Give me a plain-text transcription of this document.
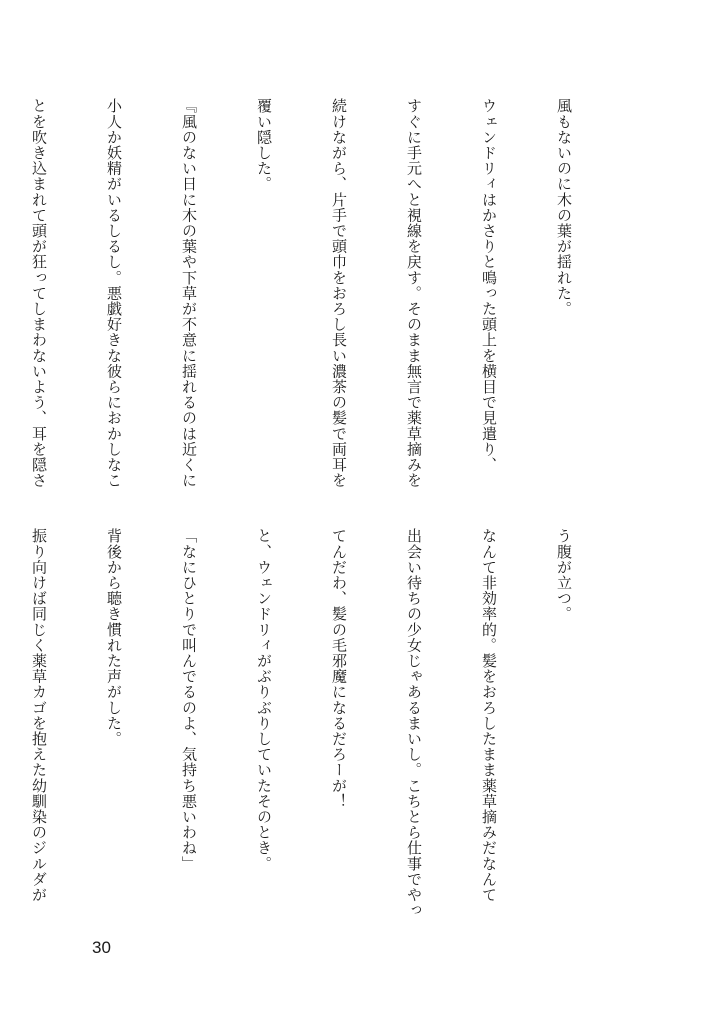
風もないのに木の葉が揺れた。

ウェンドリィはかさりと鳴った頭上を横目で見遣り、

すぐに手元へと視線を戻す。そのまま無言で薬草摘みを

続けながら、片手で頭巾をおろし長い濃茶の髪で両耳を

覆い隠した。

『風のない日に木の葉や下草が不意に揺れるのは近くに

小人か妖精がいるしるし。悪戯好きな彼らにおかしなこ

とを吹き込まれて頭が狂ってしまわないよう、耳を隠さ

う腹が立つ。

なんて非効率的。髪をおろしたまま薬草摘みだなんて

出会い待ちの少女じゃあるまいし。こちとら仕事でやっ

てんだわ、髪の毛邪魔になるだろーが！

と、ウェンドリィがぶりぶりしていたそのとき。

「なにひとりで叫んでるのよ、気持ち悪いわね」

背後から聴き慣れた声がした。

振り向けば同じく薬草カゴを抱えた幼馴染のジルダが

30
